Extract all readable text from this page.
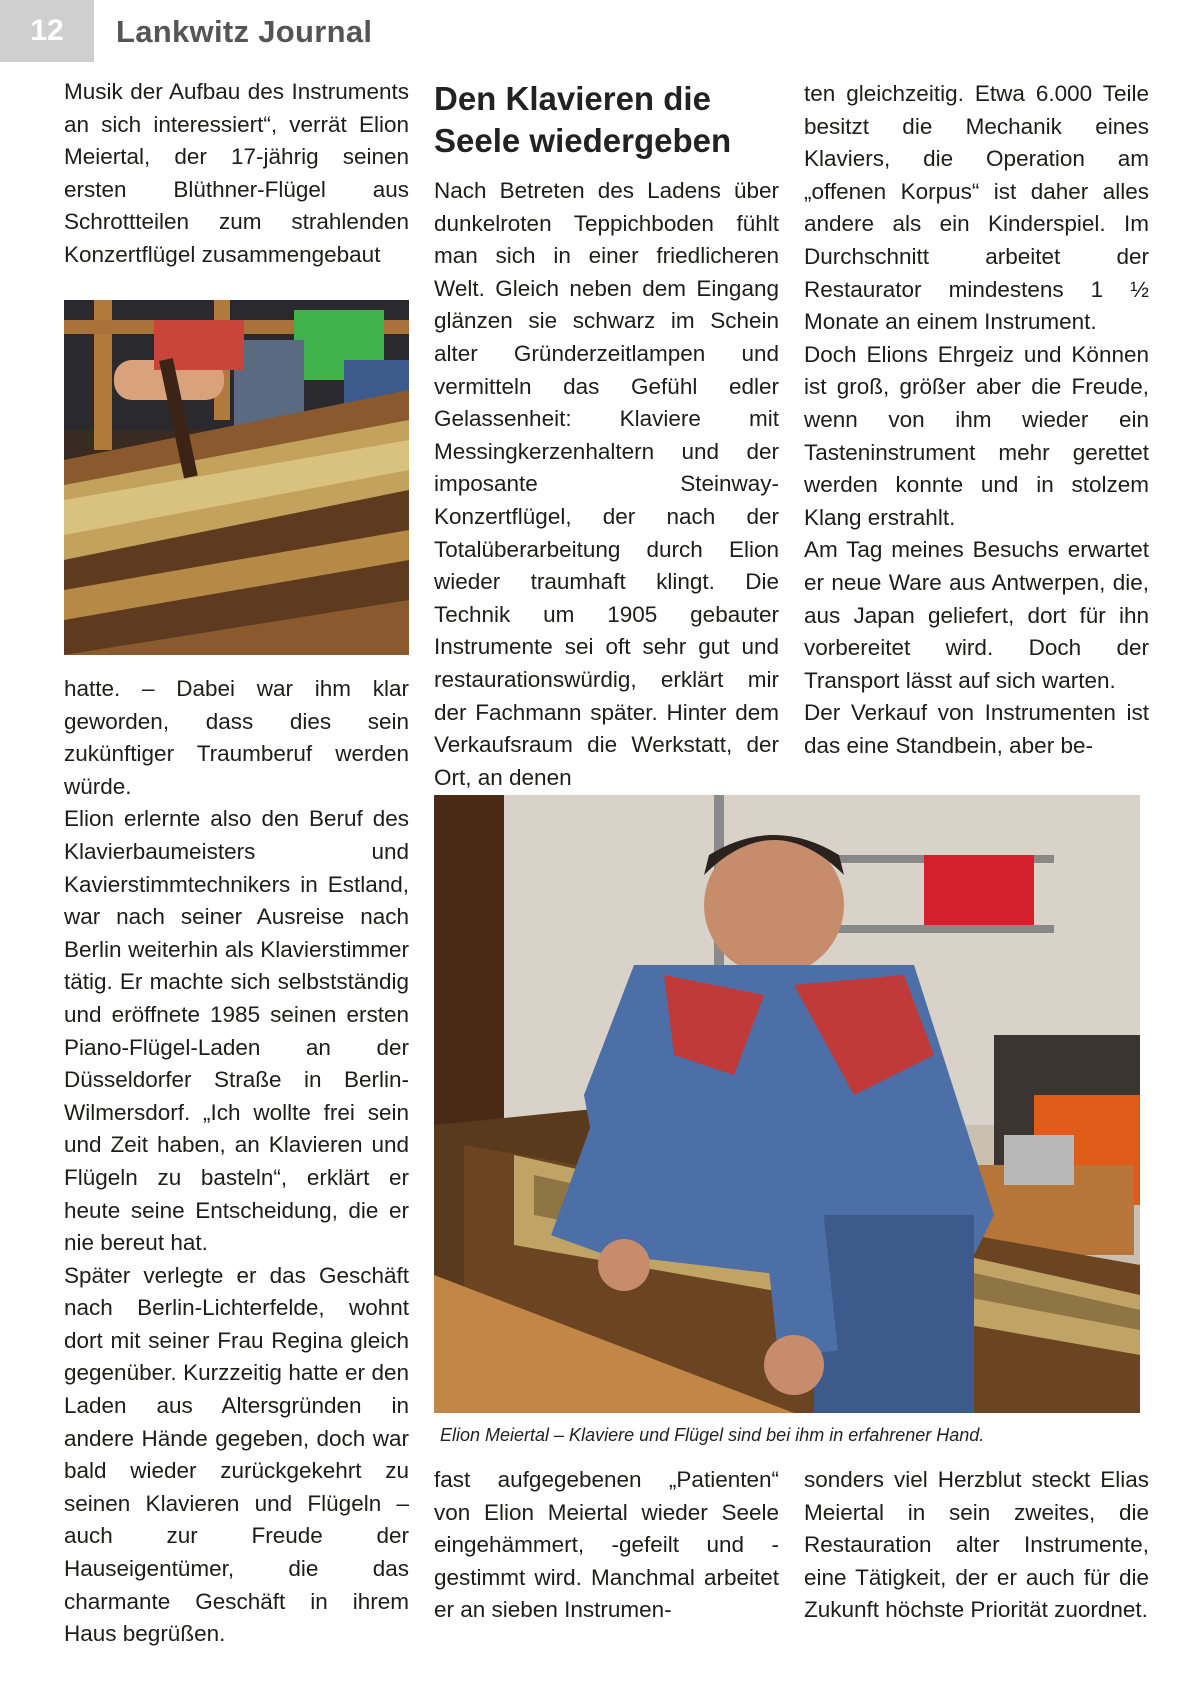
12	Lankwitz Journal

Musik der Aufbau des Instruments an sich interessiert“, verrät Elion Meiertal, der 17-jährig seinen ersten Blüthner-Flügel aus Schrottteilen zum strahlenden Konzertflügel zusammengebaut

hatte. – Dabei war ihm klar geworden, dass dies sein zukünftiger Traumberuf werden würde.

Elion erlernte also den Beruf des Klavierbaumeisters und Kavierstimmtechnikers in Estland, war nach seiner Ausreise nach Berlin weiterhin als Klavierstimmer tätig. Er machte sich selbstständig und eröffnete 1985 seinen ersten Piano-Flügel-Laden an der Düsseldorfer Straße in Berlin-Wilmersdorf. „Ich wollte frei sein und Zeit haben, an Klavieren und Flügeln zu basteln“, erklärt er heute seine Entscheidung, die er nie bereut hat.

Später verlegte er das Geschäft nach Berlin-Lichterfelde, wohnt dort mit seiner Frau Regina gleich gegenüber. Kurzzeitig hatte er den Laden aus Altersgründen in andere Hände gegeben, doch war bald wieder zurückgekehrt zu seinen Klavieren und Flügeln – auch zur Freude der Hauseigentümer, die das charmante Geschäft in ihrem Haus begrüßen.

Den Klavieren die
Seele wiedergeben

Nach Betreten des Ladens über dunkelroten Teppichboden fühlt man sich in einer friedlicheren Welt. Gleich neben dem Eingang glänzen sie schwarz im Schein alter Gründerzeitlampen und vermitteln das Gefühl edler Gelassenheit: Klaviere mit Messingkerzenhaltern und der imposante Steinway-Konzertflügel, der nach der Totalüberarbeitung durch Elion wieder traumhaft klingt. Die Technik um 1905 gebauter Instrumente sei oft sehr gut und restaurationswürdig, erklärt mir der Fachmann später. Hinter dem Verkaufsraum die Werkstatt, der Ort, an denen

ten gleichzeitig. Etwa 6.000 Teile besitzt die Mechanik eines Klaviers, die Operation am „offenen Korpus“ ist daher alles andere als ein Kinderspiel. Im Durchschnitt arbeitet der Restaurator mindestens 1 ½ Monate an einem Instrument.

Doch Elions Ehrgeiz und Können ist groß, größer aber die Freude, wenn von ihm wieder ein Tasteninstrument mehr gerettet werden konnte und in stolzem Klang erstrahlt.

Am Tag meines Besuchs erwartet er neue Ware aus Antwerpen, die, aus Japan geliefert, dort für ihn vorbereitet wird. Doch der Transport lässt auf sich warten.

Der Verkauf von Instrumenten ist das eine Standbein, aber be-

Elion Meiertal – Klaviere und Flügel sind bei ihm in erfahrener Hand.

fast aufgegebenen „Patienten“ von Elion Meiertal wieder Seele eingehämmert, -gefeilt und -gestimmt wird. Manchmal arbeitet er an sieben Instrumen-

sonders viel Herzblut steckt Elias Meiertal in sein zweites, die Restauration alter Instrumente, eine Tätigkeit, der er auch für die Zukunft höchste Priorität zuordnet.
